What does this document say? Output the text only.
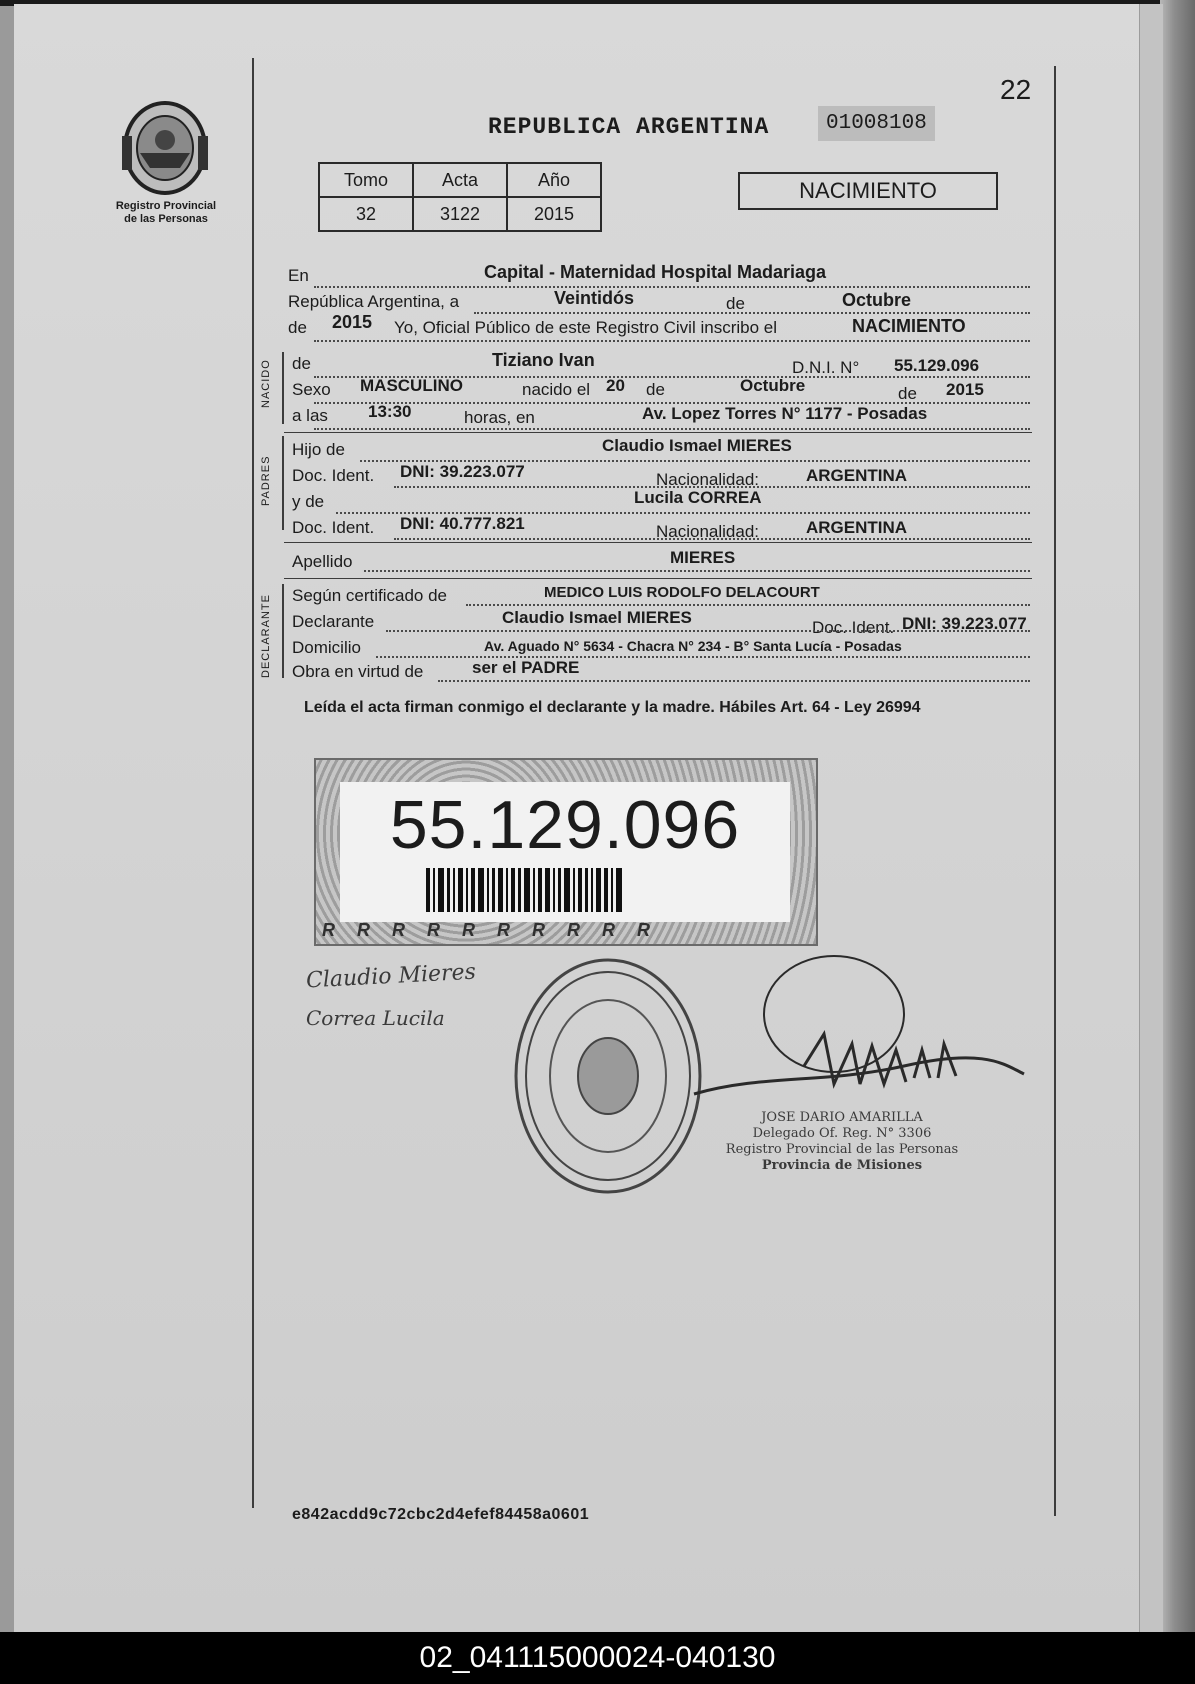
22
Registro Provincial
de las Personas
REPUBLICA ARGENTINA	01008108
Tomo	Acta	Año
32	3122	2015
NACIMIENTO
En	Capital - Maternidad Hospital Madariaga
República Argentina, a	Veintidós	de	Octubre
de 2015 Yo, Oficial Público de este Registro Civil inscribo el	NACIMIENTO
NACIDO de	Tiziano Ivan	D.N.I. N° 55.129.096
Sexo MASCULINO	nacido el 20 de	Octubre	de 2015
a las 13:30	horas, en	Av. Lopez Torres N° 1177 - Posadas
PADRES
Hijo de	Claudio Ismael MIERES
Doc. Ident. DNI: 39.223.077	Nacionalidad:	ARGENTINA
y de	Lucila CORREA
Doc. Ident. DNI: 40.777.821	Nacionalidad:	ARGENTINA
Apellido	MIERES
DECLARANTE Según certificado de	MEDICO LUIS RODOLFO DELACOURT
Declarante	Claudio Ismael MIERES
Doc. Ident. DNI: 39.223.077
Domicilio	Av. Aguado N° 5634 - Chacra N° 234 - B° Santa Lucía - Posadas
Obra en virtud de	ser el PADRE
Leída el acta firman conmigo el declarante y la madre. Hábiles Art. 64 - Ley 26994
55.129.096
RRRRRRRRRR
Claudio Mieres
Correa Lucila
JOSE DARIO AMARILLA
Delegado Of. Reg. N° 3306
Registro Provincial de las Personas
Provincia de Misiones
e842acdd9c72cbc2d4efef84458a0601
02_041115000024-040130
